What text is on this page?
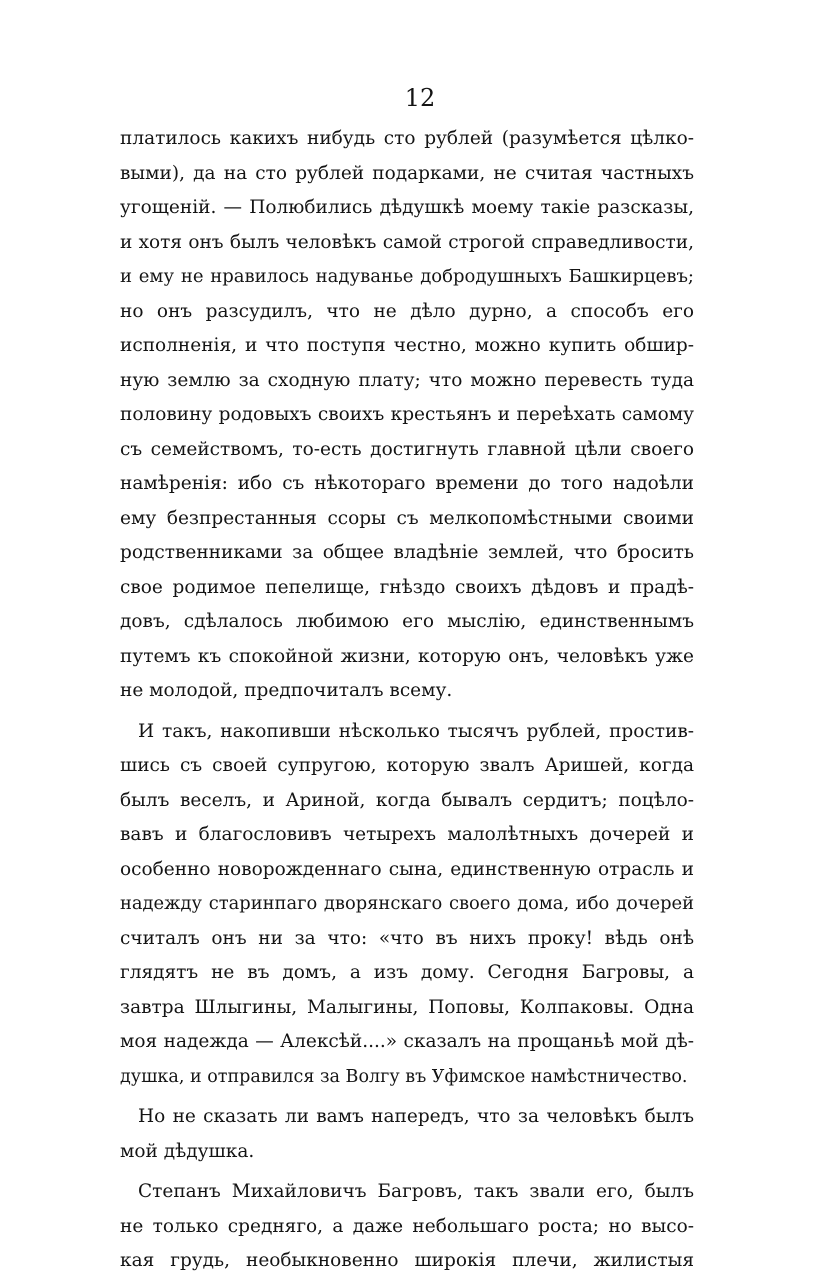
12
платилось какихъ нибудь сто рублей (разумѣется цѣлко-
выми), да на сто рублей подарками, не считая частныхъ
угощеній. — Полюбились дѣдушкѣ моему такіе разсказы,
и хотя онъ былъ человѣкъ самой строгой справедливости,
и ему не нравилось надуванье добродушныхъ Башкирцевъ;
но онъ разсудилъ, что не дѣло дурно, а способъ его
исполненія, и что поступя честно, можно купить обшир-
ную землю за сходную плату; что можно перевесть туда
половину родовыхъ своихъ крестьянъ и переѣхать самому
съ семействомъ, то-есть достигнуть главной цѣли своего
намѣренія: ибо съ нѣкотораго времени до того надоѣли
ему безпрестанныя ссоры съ мелкопомѣстными своими
родственниками за общее владѣніе землей, что бросить
свое родимое пепелище, гнѣздо своихъ дѣдовъ и прадѣ-
довъ, сдѣлалось любимою его мыслію, единственнымъ
путемъ къ спокойной жизни, которую онъ, человѣкъ уже
не молодой, предпочиталъ всему.
И такъ, накопивши нѣсколько тысячъ рублей, простив-
шись съ своей супругою, которую звалъ Аришей, когда
былъ веселъ, и Ариной, когда бывалъ сердитъ; поцѣло-
вавъ и благословивъ четырехъ малолѣтныхъ дочерей и
особенно новорожденнаго сына, единственную отрасль и
надежду старинпаго дворянскаго своего дома, ибо дочерей
считалъ онъ ни за что: «что въ нихъ проку! вѣдь онѣ
глядятъ не въ домъ, а изъ дому. Сегодня Багровы, а
завтра Шлыгины, Малыгины, Поповы, Колпаковы. Одна
моя надежда — Алексѣй....» сказалъ на прощаньѣ мой дѣ-
душка, и отправился за Волгу въ Уфимское намѣстничество.
Но не сказать ли вамъ напередъ, что за человѣкъ былъ
мой дѣдушка.
Степанъ Михайловичъ Багровъ, такъ звали его, былъ
не только средняго, а даже небольшаго роста; но высо-
кая грудь, необыкновенно широкія плечи, жилистыя
